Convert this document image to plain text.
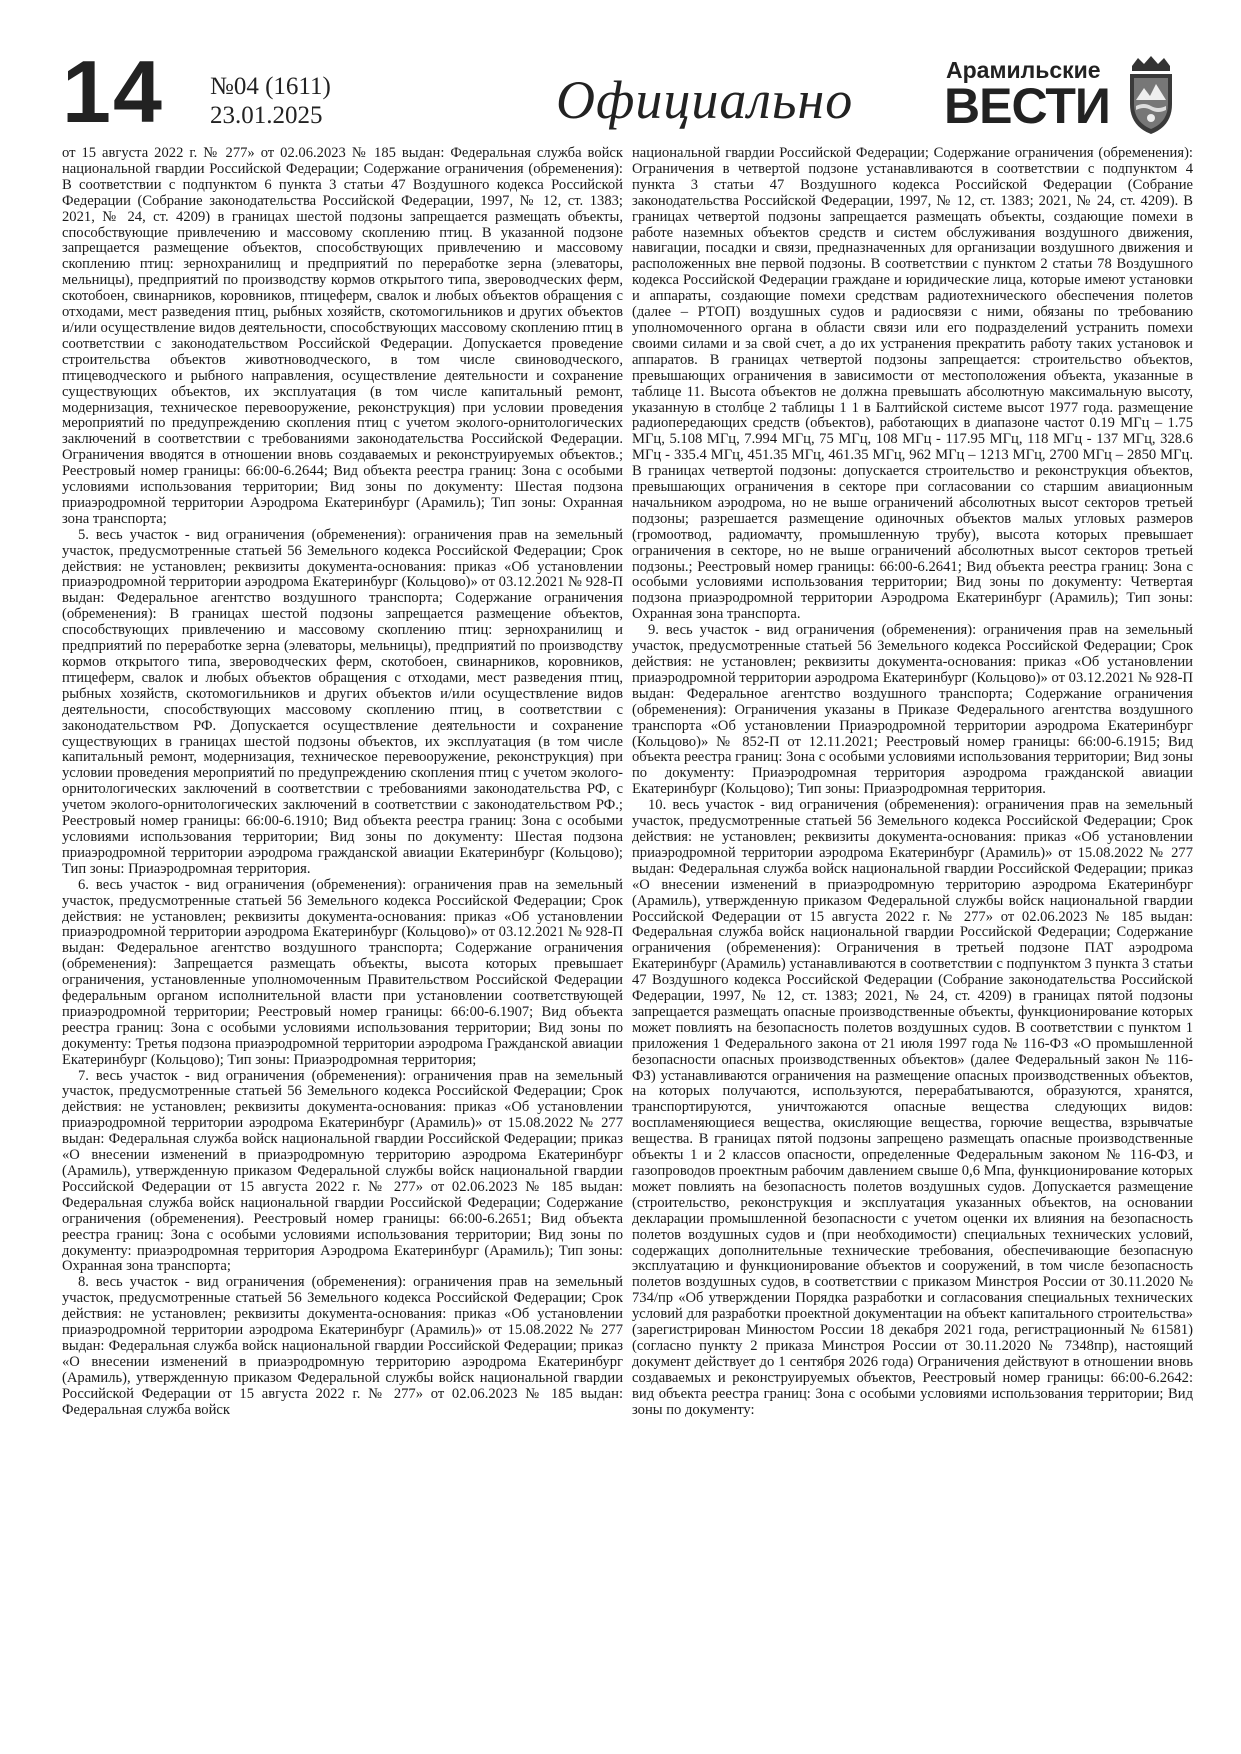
14 №04 (1611)
23.01.2025	Официально	Арамильские
ВЕСТИ

от 15 августа 2022 г. № 277» от 02.06.2023 № 185 выдан: Федеральная служба войск национальной гвардии Российской Федерации; Содержание ограничения (обременения): В соответствии с подпунктом 6 пункта 3 статьи 47 Воздушного кодекса Российской Федерации (Собрание законодательства Российской Федерации, 1997, № 12, ст. 1383; 2021, № 24, ст. 4209) в границах шестой подзоны запрещается размещать объекты, способствующие привлечению и массовому скоплению птиц. В указанной подзоне запрещается размещение объектов, способствующих привлечению и массовому скоплению птиц: зернохранилищ и предприятий по переработке зерна (элеваторы, мельницы), предприятий по производству кормов открытого типа, звероводческих ферм, скотобоен, свинарников, коровников, птицеферм, свалок и любых объектов обращения с отходами, мест разведения птиц, рыбных хозяйств, скотомогильников и других объектов и/или осуществление видов деятельности, способствующих массовому скоплению птиц в соответствии с законодательством Российской Федерации. Допускается проведение строительства объектов животноводческого, в том числе свиноводческого, птицеводческого и рыбного направления, осуществление деятельности и сохранение существующих объектов, их эксплуатация (в том числе капитальный ремонт, модернизация, техническое перевооружение, реконструкция) при условии проведения мероприятий по предупреждению скопления птиц с учетом эколого-орнитологических заключений в соответствии с требованиями законодательства Российской Федерации. Ограничения вводятся в отношении вновь создаваемых и реконструируемых объектов.; Реестровый номер границы: 66:00-6.2644; Вид объекта реестра границ: Зона с особыми условиями использования территории; Вид зоны по документу: Шестая подзона приаэродромной территории Аэродрома Екатеринбург (Арамиль); Тип зоны: Охранная зона транспорта;

5. весь участок - вид ограничения (обременения): ограничения прав на земельный участок, предусмотренные статьей 56 Земельного кодекса Российской Федерации; Срок действия: не установлен; реквизиты документа-основания: приказ «Об установлении приаэродромной территории аэродрома Екатеринбург (Кольцово)» от 03.12.2021 № 928-П выдан: Федеральное агентство воздушного транспорта; Содержание ограничения (обременения): В границах шестой подзоны запрещается размещение объектов, способствующих привлечению и массовому скоплению птиц: зернохранилищ и предприятий по переработке зерна (элеваторы, мельницы), предприятий по производству кормов открытого типа, звероводческих ферм, скотобоен, свинарников, коровников, птицеферм, свалок и любых объектов обращения с отходами, мест разведения птиц, рыбных хозяйств, скотомогильников и других объектов и/или осуществление видов деятельности, способствующих массовому скоплению птиц, в соответствии с законодательством РФ. Допускается осуществление деятельности и сохранение существующих в границах шестой подзоны объектов, их эксплуатация (в том числе капитальный ремонт, модернизация, техническое перевооружение, реконструкция) при условии проведения мероприятий по предупреждению скопления птиц с учетом эколого-орнитологических заключений в соответствии с требованиями законодательства РФ, с учетом эколого-орнитологических заключений в соответствии с законодательством РФ.; Реестровый номер границы: 66:00-6.1910; Вид объекта реестра границ: Зона с особыми условиями использования территории; Вид зоны по документу: Шестая подзона приаэродромной территории аэродрома гражданской авиации Екатеринбург (Кольцово); Тип зоны: Приаэродромная территория.

6. весь участок - вид ограничения (обременения): ограничения прав на земельный участок, предусмотренные статьей 56 Земельного кодекса Российской Федерации; Срок действия: не установлен; реквизиты документа-основания: приказ «Об установлении приаэродромной территории аэродрома Екатеринбург (Кольцово)» от 03.12.2021 № 928-П выдан: Федеральное агентство воздушного транспорта; Содержание ограничения (обременения): Запрещается размещать объекты, высота которых превышает ограничения, установленные уполномоченным Правительством Российской Федерации федеральным органом исполнительной власти при установлении соответствующей приаэродромной территории; Реестровый номер границы: 66:00-6.1907; Вид объекта реестра границ: Зона с особыми условиями использования территории; Вид зоны по документу: Третья подзона приаэродромной территории аэродрома Гражданской авиации Екатеринбург (Кольцово); Тип зоны: Приаэродромная территория;

7. весь участок - вид ограничения (обременения): ограничения прав на земельный участок, предусмотренные статьей 56 Земельного кодекса Российской Федерации; Срок действия: не установлен; реквизиты документа-основания: приказ «Об установлении приаэродромной территории аэродрома Екатеринбург (Арамиль)» от 15.08.2022 № 277 выдан: Федеральная служба войск национальной гвардии Российской Федерации; приказ «О внесении изменений в приаэродромную территорию аэродрома Екатеринбург (Арамиль), утвержденную приказом Федеральной службы войск национальной гвардии Российской Федерации от 15 августа 2022 г. № 277» от 02.06.2023 № 185 выдан: Федеральная служба войск национальной гвардии Российской Федерации; Содержание ограничения (обременения). Реестровый номер границы: 66:00-6.2651; Вид объекта реестра границ: Зона с особыми условиями использования территории; Вид зоны по документу: приаэродромная территория Аэродрома Екатеринбург (Арамиль); Тип зоны: Охранная зона транспорта;

8. весь участок - вид ограничения (обременения): ограничения прав на земельный участок, предусмотренные статьей 56 Земельного кодекса Российской Федерации; Срок действия: не установлен; реквизиты документа-основания: приказ «Об установлении приаэродромной территории аэродрома Екатеринбург (Арамиль)» от 15.08.2022 № 277 выдан: Федеральная служба войск национальной гвардии Российской Федерации; приказ «О внесении изменений в приаэродромную территорию аэродрома Екатеринбург (Арамиль), утвержденную приказом Федеральной службы войск национальной гвардии Российской Федерации от 15 августа 2022 г. № 277» от 02.06.2023 № 185 выдан: Федеральная служба войск

национальной гвардии Российской Федерации; Содержание ограничения (обременения): Ограничения в четвертой подзоне устанавливаются в соответствии с подпунктом 4 пункта 3 статьи 47 Воздушного кодекса Российской Федерации (Собрание законодательства Российской Федерации, 1997, № 12, ст. 1383; 2021, № 24, ст. 4209). В границах четвертой подзоны запрещается размещать объекты, создающие помехи в работе наземных объектов средств и систем обслуживания воздушного движения, навигации, посадки и связи, предназначенных для организации воздушного движения и расположенных вне первой подзоны. В соответствии с пунктом 2 статьи 78 Воздушного кодекса Российской Федерации граждане и юридические лица, которые имеют установки и аппараты, создающие помехи средствам радиотехнического обеспечения полетов (далее – РТОП) воздушных судов и радиосвязи с ними, обязаны по требованию уполномоченного органа в области связи или его подразделений устранить помехи своими силами и за свой счет, а до их устранения прекратить работу таких установок и аппаратов. В границах четвертой подзоны запрещается: строительство объектов, превышающих ограничения в зависимости от местоположения объекта, указанные в таблице 11. Высота объектов не должна превышать абсолютную максимальную высоту, указанную в столбце 2 таблицы 1 1 в Балтийской системе высот 1977 года. размещение радиопередающих средств (объектов), работающих в диапазоне частот 0.19 МГц – 1.75 МГц, 5.108 МГц, 7.994 МГц, 75 МГц, 108 МГц - 117.95 МГц, 118 МГц - 137 МГц, 328.6 МГц - 335.4 МГц, 451.35 МГц, 461.35 МГц, 962 МГц – 1213 МГц, 2700 МГц – 2850 МГц. В границах четвертой подзоны: допускается строительство и реконструкция объектов, превышающих ограничения в секторе при согласовании со старшим авиационным начальником аэродрома, но не выше ограничений абсолютных высот секторов третьей подзоны; разрешается размещение одиночных объектов малых угловых размеров (громоотвод, радиомачту, промышленную трубу), высота которых превышает ограничения в секторе, но не выше ограничений абсолютных высот секторов третьей подзоны.; Реестровый номер границы: 66:00-6.2641; Вид объекта реестра границ: Зона с особыми условиями использования территории; Вид зоны по документу: Четвертая подзона приаэродромной территории Аэродрома Екатеринбург (Арамиль); Тип зоны: Охранная зона транспорта.

9. весь участок - вид ограничения (обременения): ограничения прав на земельный участок, предусмотренные статьей 56 Земельного кодекса Российской Федерации; Срок действия: не установлен; реквизиты документа-основания: приказ «Об установлении приаэродромной территории аэродрома Екатеринбург (Кольцово)» от 03.12.2021 № 928-П выдан: Федеральное агентство воздушного транспорта; Содержание ограничения (обременения): Ограничения указаны в Приказе Федерального агентства воздушного транспорта «Об установлении Приаэродромной территории аэродрома Екатеринбург (Кольцово)» № 852-П от 12.11.2021; Реестровый номер границы: 66:00-6.1915; Вид объекта реестра границ: Зона с особыми условиями использования территории; Вид зоны по документу: Приаэродромная территория аэродрома гражданской авиации Екатеринбург (Кольцово); Тип зоны: Приаэродромная территория.

10. весь участок - вид ограничения (обременения): ограничения прав на земельный участок, предусмотренные статьей 56 Земельного кодекса Российской Федерации; Срок действия: не установлен; реквизиты документа-основания: приказ «Об установлении приаэродромной территории аэродрома Екатеринбург (Арамиль)» от 15.08.2022 № 277 выдан: Федеральная служба войск национальной гвардии Российской Федерации; приказ «О внесении изменений в приаэродромную территорию аэродрома Екатеринбург (Арамиль), утвержденную приказом Федеральной службы войск национальной гвардии Российской Федерации от 15 августа 2022 г. № 277» от 02.06.2023 № 185 выдан: Федеральная служба войск национальной гвардии Российской Федерации; Содержание ограничения (обременения): Ограничения в третьей подзоне ПАТ аэродрома Екатеринбург (Арамиль) устанавливаются в соответствии с подпунктом 3 пункта 3 статьи 47 Воздушного кодекса Российской Федерации (Собрание законодательства Российской Федерации, 1997, № 12, ст. 1383; 2021, № 24, ст. 4209) в границах пятой подзоны запрещается размещать опасные производственные объекты, функционирование которых может повлиять на безопасность полетов воздушных судов. В соответствии с пунктом 1 приложения 1 Федерального закона от 21 июля 1997 года № 116-ФЗ «О промышленной безопасности опасных производственных объектов» (далее Федеральный закон № 116-ФЗ) устанавливаются ограничения на размещение опасных производственных объектов, на которых получаются, используются, перерабатываются, образуются, хранятся, транспортируются, уничтожаются опасные вещества следующих видов: воспламеняющиеся вещества, окисляющие вещества, горючие вещества, взрывчатые вещества. В границах пятой подзоны запрещено размещать опасные производственные объекты 1 и 2 классов опасности, определенные Федеральным законом № 116-ФЗ, и газопроводов проектным рабочим давлением свыше 0,6 Мпа, функционирование которых может повлиять на безопасность полетов воздушных судов. Допускается размещение (строительство, реконструкция и эксплуатация указанных объектов, на основании декларации промышленной безопасности с учетом оценки их влияния на безопасность полетов воздушных судов и (при необходимости) специальных технических условий, содержащих дополнительные технические требования, обеспечивающие безопасную эксплуатацию и функционирование объектов и сооружений, в том числе безопасность полетов воздушных судов, в соответствии с приказом Минстроя России от 30.11.2020 № 734/пр «Об утверждении Порядка разработки и согласования специальных технических условий для разработки проектной документации на объект капитального строительства» (зарегистрирован Минюстом России 18 декабря 2021 года, регистрационный № 61581) (согласно пункту 2 приказа Минстроя России от 30.11.2020 № 7348пр), настоящий документ действует до 1 сентября 2026 года) Ограничения действуют в отношении вновь создаваемых и реконструируемых объектов, Реестровый номер границы: 66:00-6.2642: вид объекта реестра границ: Зона с особыми условиями использования территории; Вид зоны по документу:
